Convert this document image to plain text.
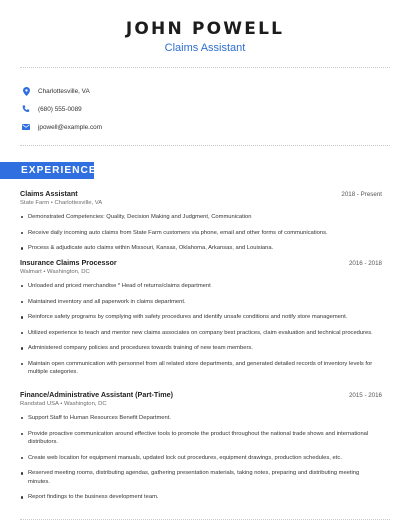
JOHN POWELL
Claims Assistant
Charlottesville, VA
(680) 555-0089
jpowell@example.com
EXPERIENCE
Claims Assistant	2018 - Present
State Farm • Charlottesville, VA
Demonstrated Competencies: Quality, Decision Making and Judgment, Communication
Receive daily incoming auto claims from State Farm customers via phone, email and other forms of communications.
Process & adjudicate auto claims within Missouri, Kansas, Oklahoma, Arkansas, and Louisiana.
Insurance Claims Processor	2016 - 2018
Walmart • Washington, DC
Unloaded and priced merchandise * Head of returns/claims department
Maintained inventory and all paperwork in claims department.
Reinforce safety programs by complying with safety procedures and identify unsafe conditions and notify store management.
Utilized experience to teach and mentor new claims associates on company best practices, claim evaluation and technical procedures.
Administered company policies and procedures towards training of new team members.
Maintain open communication with personnel from all related store departments, and generated detailed records of inventory levels for multiple categories.
Finance/Administrative Assistant (Part-Time)	2015 - 2016
Randstad USA • Washington, DC
Support Staff to Human Resources Benefit Department.
Provide proactive communication around effective tools to promote the product throughout the national trade shows and international distributors.
Create web location for equipment manuals, updated lock out procedures, equipment drawings, production schedules, etc.
Reserved meeting rooms, distributing agendas, gathering presentation materials, taking notes, preparing and distributing meeting minutes.
Report findings to the business development team.
